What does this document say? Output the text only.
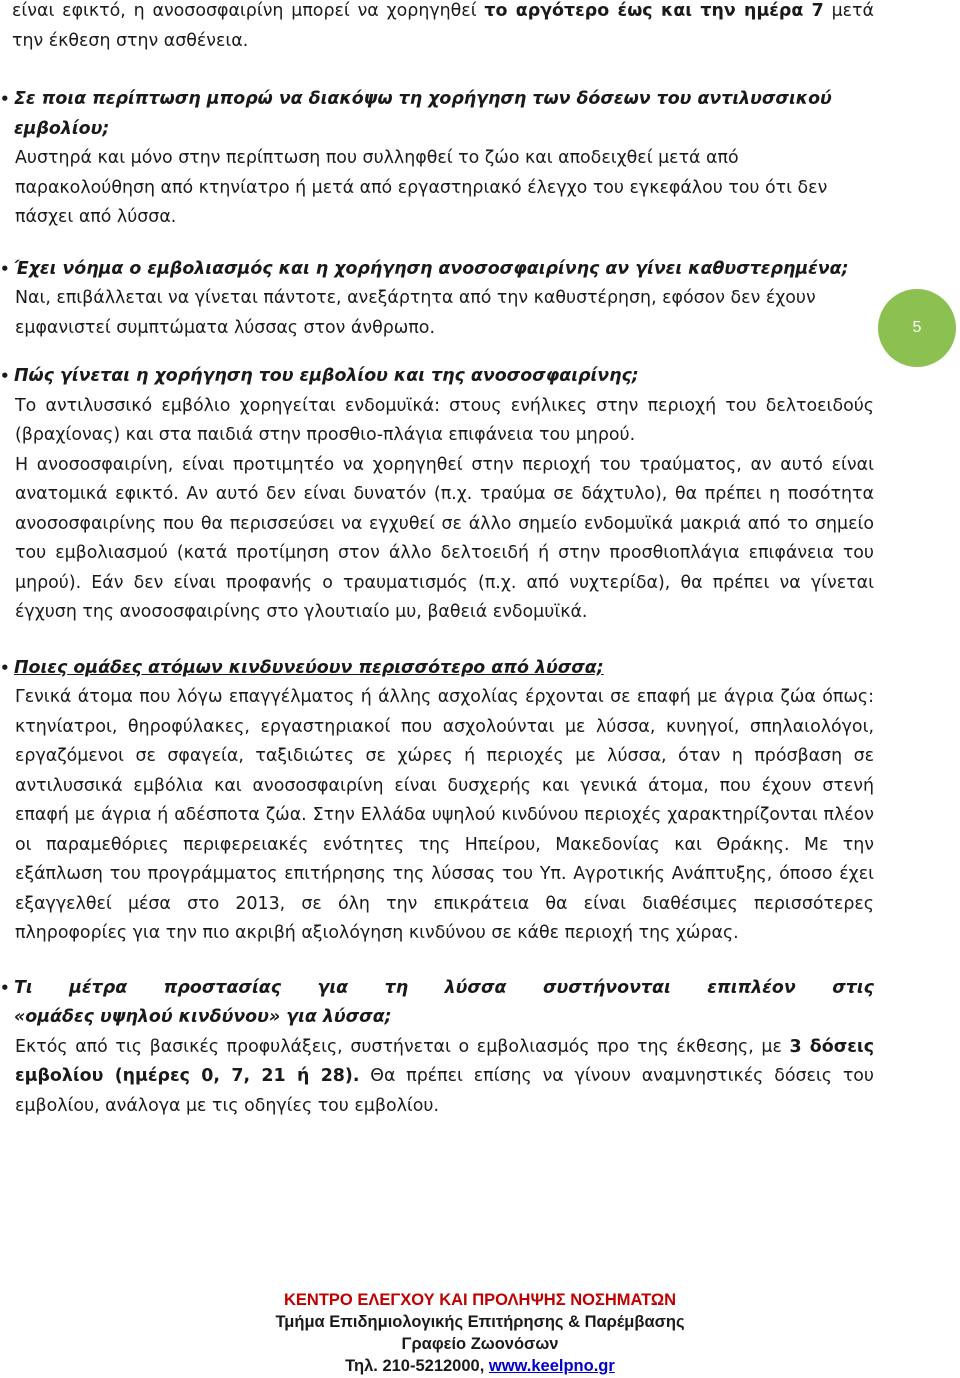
είναι εφικτό, η ανοσοσφαιρίνη μπορεί να χορηγηθεί το αργότερο έως και την ημέρα 7 μετά την έκθεση στην ασθένεια.

• Σε ποια περίπτωση μπορώ να διακόψω τη χορήγηση των δόσεων του αντιλυσσικού εμβολίου;

Αυστηρά και μόνο στην περίπτωση που συλληφθεί το ζώο και αποδειχθεί μετά από παρακολούθηση από κτηνίατρο ή μετά από εργαστηριακό έλεγχο του εγκεφάλου του ότι δεν πάσχει από λύσσα.

• Έχει νόημα ο εμβολιασμός και η χορήγηση ανοσοσφαιρίνης αν γίνει καθυστερημένα;

Ναι, επιβάλλεται να γίνεται πάντοτε, ανεξάρτητα από την καθυστέρηση, εφόσον δεν έχουν εμφανιστεί συμπτώματα λύσσας στον άνθρωπο.

• Πώς γίνεται η χορήγηση του εμβολίου και της ανοσοσφαιρίνης;

Το αντιλυσσικό εμβόλιο χορηγείται ενδομυϊκά: στους ενήλικες στην περιοχή του δελτοειδούς (βραχίονας) και στα παιδιά στην προσθιο-πλάγια επιφάνεια του μηρού.

Η ανοσοσφαιρίνη, είναι προτιμητέο να χορηγηθεί στην περιοχή του τραύματος, αν αυτό είναι ανατομικά εφικτό. Αν αυτό δεν είναι δυνατόν (π.χ. τραύμα σε δάχτυλο), θα πρέπει η ποσότητα ανοσοσφαιρίνης που θα περισσεύσει να εγχυθεί σε άλλο σημείο ενδομυϊκά μακριά από το σημείο του εμβολιασμού (κατά προτίμηση στον άλλο δελτοειδή ή στην προσθιοπλάγια επιφάνεια του μηρού). Εάν δεν είναι προφανής ο τραυματισμός (π.χ. από νυχτερίδα), θα πρέπει να γίνεται έγχυση της ανοσοσφαιρίνης στο γλουτιαίο μυ, βαθειά ενδομυϊκά.

• Ποιες ομάδες ατόμων κινδυνεύουν περισσότερο από λύσσα;

Γενικά άτομα που λόγω επαγγέλματος ή άλλης ασχολίας έρχονται σε επαφή με άγρια ζώα όπως: κτηνίατροι, θηροφύλακες, εργαστηριακοί που ασχολούνται με λύσσα, κυνηγοί, σπηλαιολόγοι, εργαζόμενοι σε σφαγεία, ταξιδιώτες σε χώρες ή περιοχές με λύσσα, όταν η πρόσβαση σε αντιλυσσικά εμβόλια και ανοσοσφαιρίνη είναι δυσχερής και γενικά άτομα, που έχουν στενή επαφή με άγρια ή αδέσποτα ζώα. Στην Ελλάδα υψηλού κινδύνου περιοχές χαρακτηρίζονται πλέον οι παραμεθόριες περιφερειακές ενότητες της Ηπείρου, Μακεδονίας και Θράκης. Με την εξάπλωση του προγράμματος επιτήρησης της λύσσας του Υπ. Αγροτικής Ανάπτυξης, όποσο έχει εξαγγελθεί μέσα στο 2013, σε όλη την επικράτεια θα είναι διαθέσιμες περισσότερες πληροφορίες για την πιο ακριβή αξιολόγηση κινδύνου σε κάθε περιοχή της χώρας.

• Τι μέτρα προστασίας για τη λύσσα συστήνονται επιπλέον στις

«ομάδες υψηλού κινδύνου» για λύσσα;

Εκτός από τις βασικές προφυλάξεις, συστήνεται ο εμβολιασμός προ της έκθεσης, με 3 δόσεις εμβολίου (ημέρες 0, 7, 21 ή 28). Θα πρέπει επίσης να γίνουν αναμνηστικές δόσεις του εμβολίου, ανάλογα με τις οδηγίες του εμβολίου.

5
ΚΕΝΤΡΟ ΕΛΕΓΧΟΥ ΚΑΙ ΠΡΟΛΗΨΗΣ ΝΟΣΗΜΑΤΩΝ
Τμήμα Επιδημιολογικής Επιτήρησης & Παρέμβασης
Γραφείο Ζωονόσων
Τηλ. 210-5212000, www.keelpno.gr
